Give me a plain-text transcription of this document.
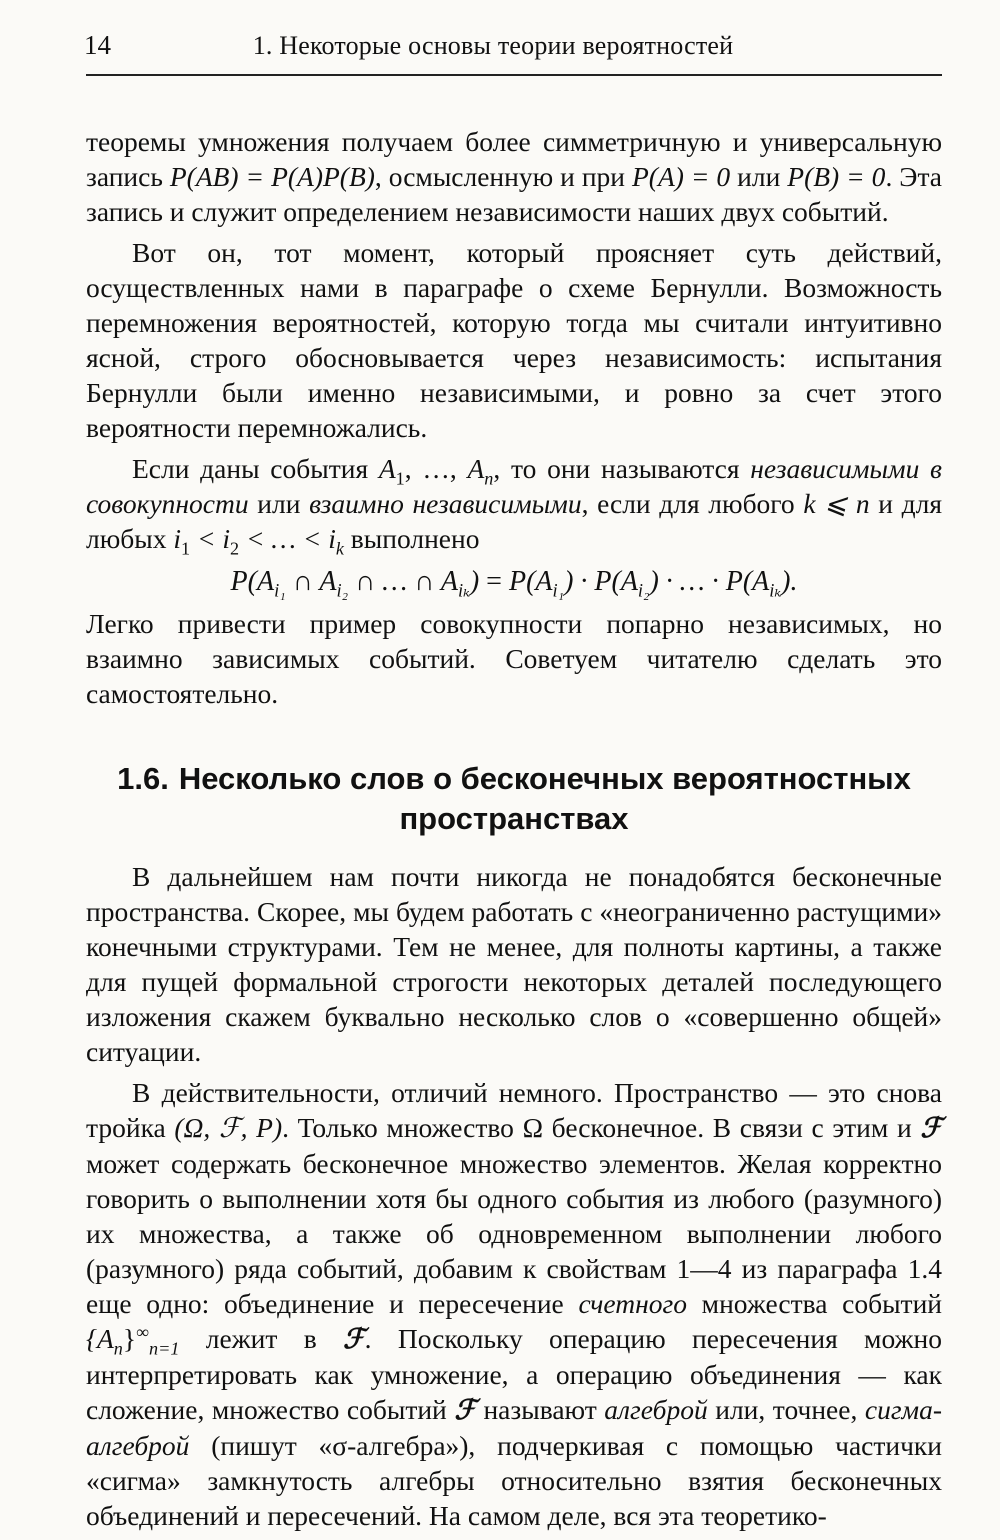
14	1. Некоторые основы теории вероятностей

теоремы умножения получаем более симметричную и универсальную запись P(AB) = P(A)P(B), осмысленную и при P(A) = 0 или P(B) = 0. Эта запись и служит определением независимости наших двух событий.

Вот он, тот момент, который проясняет суть действий, осуществленных нами в параграфе о схеме Бернулли. Возможность перемножения вероятностей, которую тогда мы считали интуитивно ясной, строго обосновывается через независимость: испытания Бернулли были именно независимыми, и ровно за счет этого вероятности перемножались.

Если даны события $A_1$, …, $A_n$, то они называются независимыми в совокупности или взаимно независимыми, если для любого k ⩽ n и для любых $i_1 < i_2$ < … < $i_k$ выполнено

$P(A_{i_1}$ ∩ $A_{i_2}$ ∩ … ∩ $A_{i_k}) = P(A_{i_1}) \cdot P(A_{i_2})$ · … · $P(A_{i_k})$.

Легко привести пример совокупности попарно независимых, но взаимно зависимых событий. Советуем читателю сделать это самостоятельно.

1.6. Несколько слов о бесконечных вероятностных пространствах

В дальнейшем нам почти никогда не понадобятся бесконечные пространства. Скорее, мы будем работать с «неограниченно растущими» конечными структурами. Тем не менее, для полноты картины, а также для пущей формальной строгости некоторых деталей последующего изложения скажем буквально несколько слов о «совершенно общей» ситуации.

В действительности, отличий немного. Пространство — это снова тройка (Ω, ℱ, P). Только множество Ω бесконечное. В связи с этим и ℱ может содержать бесконечное множество элементов. Желая корректно говорить о выполнении хотя бы одного события из любого (разумного) их множества, а также об одновременном выполнении любого (разумного) ряда событий, добавим к свойствам 1—4 из параграфа 1.4 еще одно: объединение и пересечение счетного множества событий $\{A_n\}^\infty_{n=1}$ лежит в ℱ. Поскольку операцию пересечения можно интерпретировать как умножение, а операцию объединения — как сложение, множество событий ℱ называют алгеброй или, точнее, сигма-алгеброй (пишут «σ-алгебра»), подчеркивая с помощью частички «сигма» замкнутость алгебры относительно взятия бесконечных объединений и пересечений. На самом деле, вся эта теоретико-
